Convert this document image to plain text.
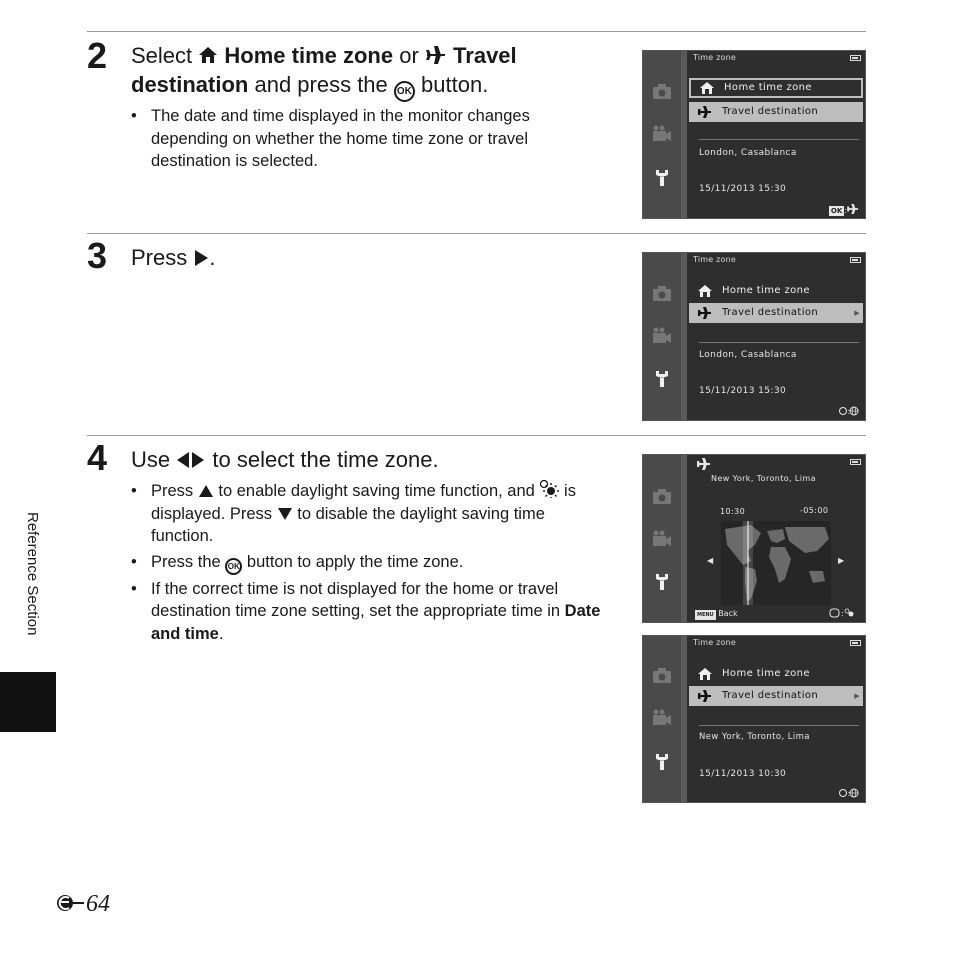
2 Select Home time zone or Travel destination and press the OK button.
• The date and time displayed in the monitor changes depending on whether the home time zone or travel destination is selected.
3 Press .
4 Use to select the time zone.
• Press to enable daylight saving time function, and is displayed. Press to disable the daylight saving time function.
• Press the OK button to apply the time zone.
• If the correct time is not displayed for the home or travel destination time zone setting, set the appropriate time in Date and time.
Time zone
Home time zone
Travel destination
London, Casablanca
15/11/2013 15:30
OK :
Time zone
Home time zone
Travel destination	▶
London, Casablanca
15/11/2013 15:30
:
New York, Toronto, Lima
10:30	-05:00
◀	▶
MENU Back	:
Time zone
Home time zone
Travel destination	▶
New York, Toronto, Lima
15/11/2013 10:30
:
Reference Section
64
